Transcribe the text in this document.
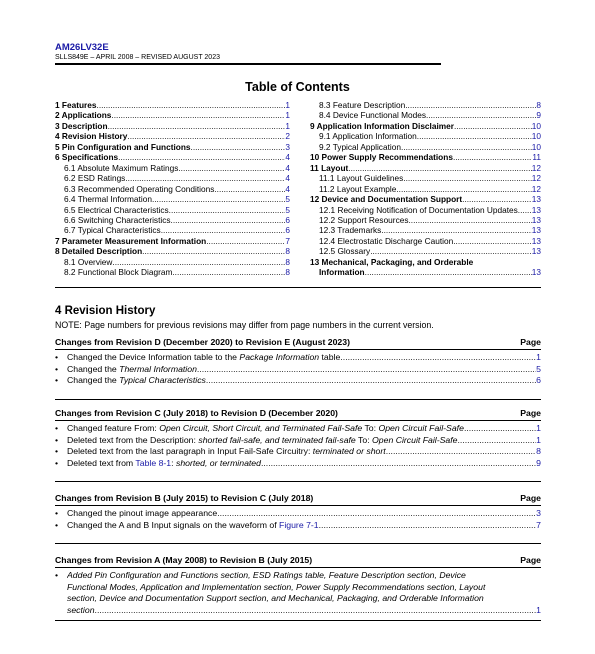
AM26LV32E
SLLS849E – APRIL 2008 – REVISED AUGUST 2023
Table of Contents
1 Features .....	1
2 Applications .....	1
3 Description .....	1
4 Revision History .....	2
5 Pin Configuration and Functions .....	3
6 Specifications .....	4
6.1 Absolute Maximum Ratings .....	4
6.2 ESD Ratings .....	4
6.3 Recommended Operating Conditions .....	4
6.4 Thermal Information .....	5
6.5 Electrical Characteristics .....	5
6.6 Switching Characteristics .....	6
6.7 Typical Characteristics .....	6
7 Parameter Measurement Information .....	7
8 Detailed Description .....	8
8.1 Overview .....	8
8.2 Functional Block Diagram .....	8
8.3 Feature Description .....	8
8.4 Device Functional Modes .....	9
9 Application Information Disclaimer .....	10
9.1 Application Information .....	10
9.2 Typical Application .....	10
10 Power Supply Recommendations .....	11
11 Layout .....	12
11.1 Layout Guidelines .....	12
11.2 Layout Example .....	12
12 Device and Documentation Support .....	13
12.1 Receiving Notification of Documentation Updates ..... 13
12.2 Support Resources .....	13
12.3 Trademarks .....	13
12.4 Electrostatic Discharge Caution .....	13
12.5 Glossary .....	13
13 Mechanical, Packaging, and Orderable
Information .....	13
4 Revision History
NOTE: Page numbers for previous revisions may differ from page numbers in the current version.
Changes from Revision D (December 2020) to Revision E (August 2023)	Page
•	Changed the Device Information table to the Package Information table .....	1
•	Changed the Thermal Information .....	5
•	Changed the Typical Characteristics .....	6
Changes from Revision C (July 2018) to Revision D (December 2020)	Page
•	Changed feature From: Open Circuit, Short Circuit, and Terminated Fail-Safe To: Open Circuit Fail-Safe .....	1
•	Deleted text from the Description: shorted fail-safe, and terminated fail-safe To: Open Circuit Fail-Safe .....	1
•	Deleted text from the last paragraph in Input Fail-Safe Circuitry: terminated or short .....	8
•	Deleted text from Table 8-1: shorted, or terminated .....	9
Changes from Revision B (July 2015) to Revision C (July 2018)	Page
•	Changed the pinout image appearance .....	3
•	Changed the A and B Input signals on the waveform of Figure 7-1 .....	7
Changes from Revision A (May 2008) to Revision B (July 2015)	Page
• Added Pin Configuration and Functions section, ESD Ratings table, Feature Description section, Device
Functional Modes, Application and Implementation section, Power Supply Recommendations section, Layout
section, Device and Documentation Support section, and Mechanical, Packaging, and Orderable Information
section .....	1
